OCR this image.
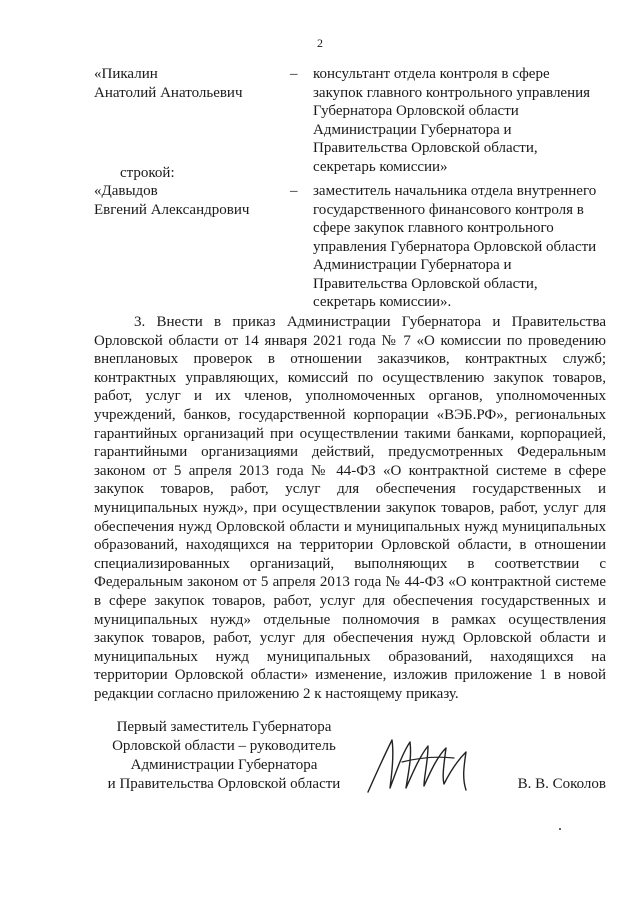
2
«Пикалин
Анатолий Анатольевич
– консультант отдела контроля в сфере
закупок главного контрольного управления
Губернатора Орловской области
Администрации Губернатора и
Правительства Орловской области,
секретарь комиссии»
строкой:
«Давыдов
Евгений Александрович
– заместитель начальника отдела внутреннего
государственного финансового контроля в
сфере закупок главного контрольного
управления Губернатора Орловской области
Администрации Губернатора и
Правительства Орловской области,
секретарь комиссии».

3. Внести в приказ Администрации Губернатора и Правительства Орловской области от 14 января 2021 года № 7 «О комиссии по проведению внеплановых проверок в отношении заказчиков, контрактных служб; контрактных управляющих, комиссий по осуществлению закупок товаров, работ, услуг и их членов, уполномоченных органов, уполномоченных учреждений, банков, государственной корпорации «ВЭБ.РФ», региональных гарантийных организаций при осуществлении такими банками, корпорацией, гарантийными организациями действий, предусмотренных Федеральным законом от 5 апреля 2013 года № 44-ФЗ «О контрактной системе в сфере закупок товаров, работ, услуг для обеспечения государственных и муниципальных нужд», при осуществлении закупок товаров, работ, услуг для обеспечения нужд Орловской области и муниципальных нужд муниципальных образований, находящихся на территории Орловской области, в отношении специализированных организаций, выполняющих в соответствии с Федеральным законом от 5 апреля 2013 года № 44-ФЗ «О контрактной системе в сфере закупок товаров, работ, услуг для обеспечения государственных и муниципальных нужд» отдельные полномочия в рамках осуществления закупок товаров, работ, услуг для обеспечения нужд Орловской области и муниципальных нужд муниципальных образований, находящихся на территории Орловской области» изменение, изложив приложение 1 в новой редакции согласно приложению 2 к настоящему приказу.

Первый заместитель Губернатора
Орловской области – руководитель
Администрации Губернатора
и Правительства Орловской области	В. В. Соколов
